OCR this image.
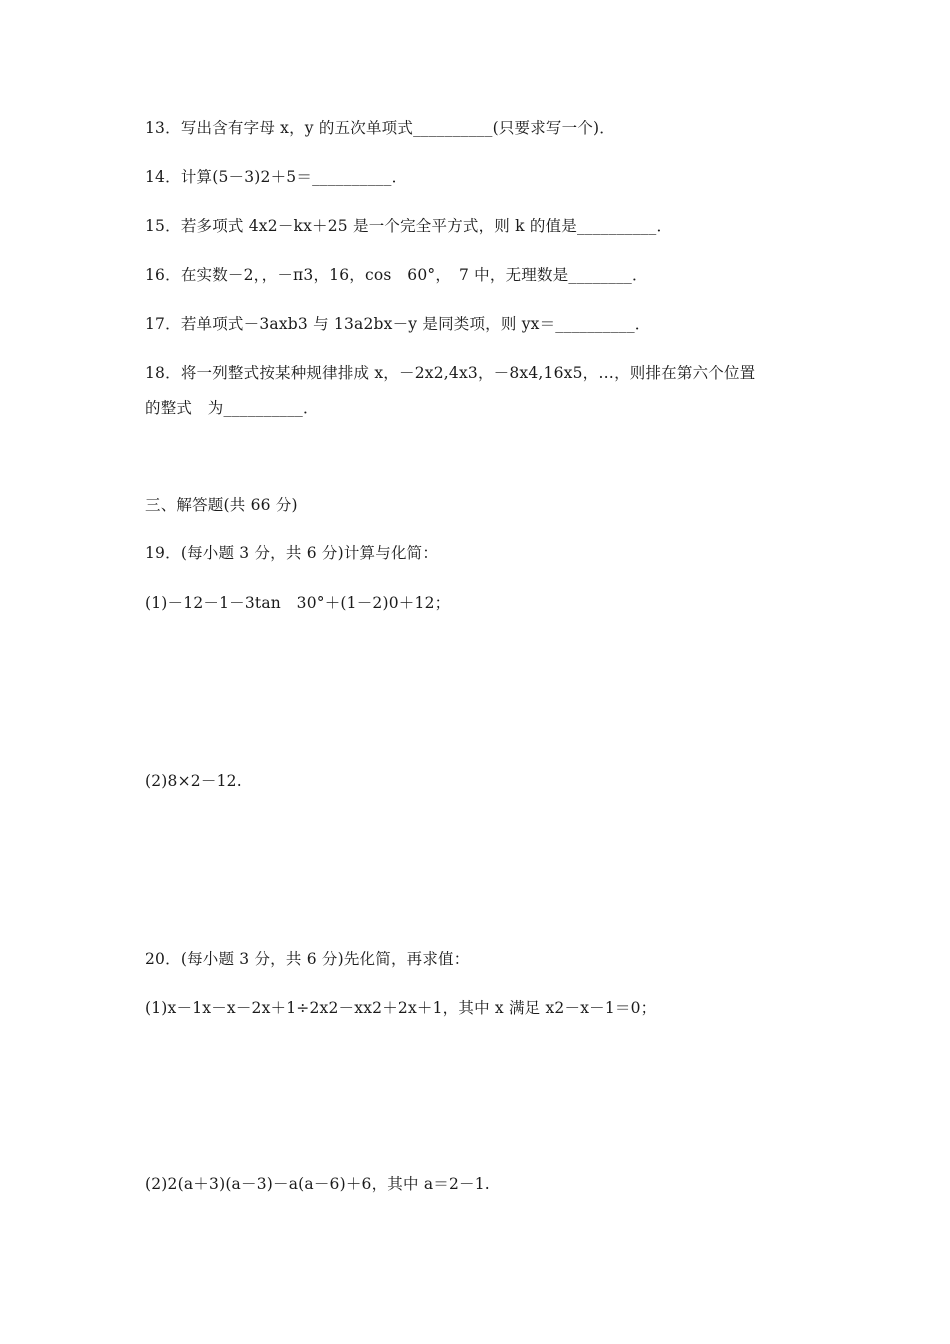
13．写出含有字母 x，y 的五次单项式__________(只要求写一个)．
14．计算(5－3)2＋5＝__________．
15．若多项式 4x2－kx＋25 是一个完全平方式，则 k 的值是__________．
16．在实数－2，，－π3，16，cos　60°，　7 中，无理数是________．
17．若单项式－3axb3 与 13a2bx－y 是同类项，则 yx＝__________．
18．将一列整式按某种规律排成 x，－2x2,4x3，－8x4,16x5，…，则排在第六个位置
的整式　为__________．
三、解答题(共 66 分)
19．(每小题 3 分，共 6 分)计算与化简：
(1)－12－1－3tan　30°＋(1－2)0＋12；
(2)8×2－12.
20．(每小题 3 分，共 6 分)先化简，再求值：
(1)x－1x－x－2x＋1÷2x2－xx2＋2x＋1，其中 x 满足 x2－x－1＝0；
(2)2(a＋3)(a－3)－a(a－6)＋6，其中 a＝2－1.
